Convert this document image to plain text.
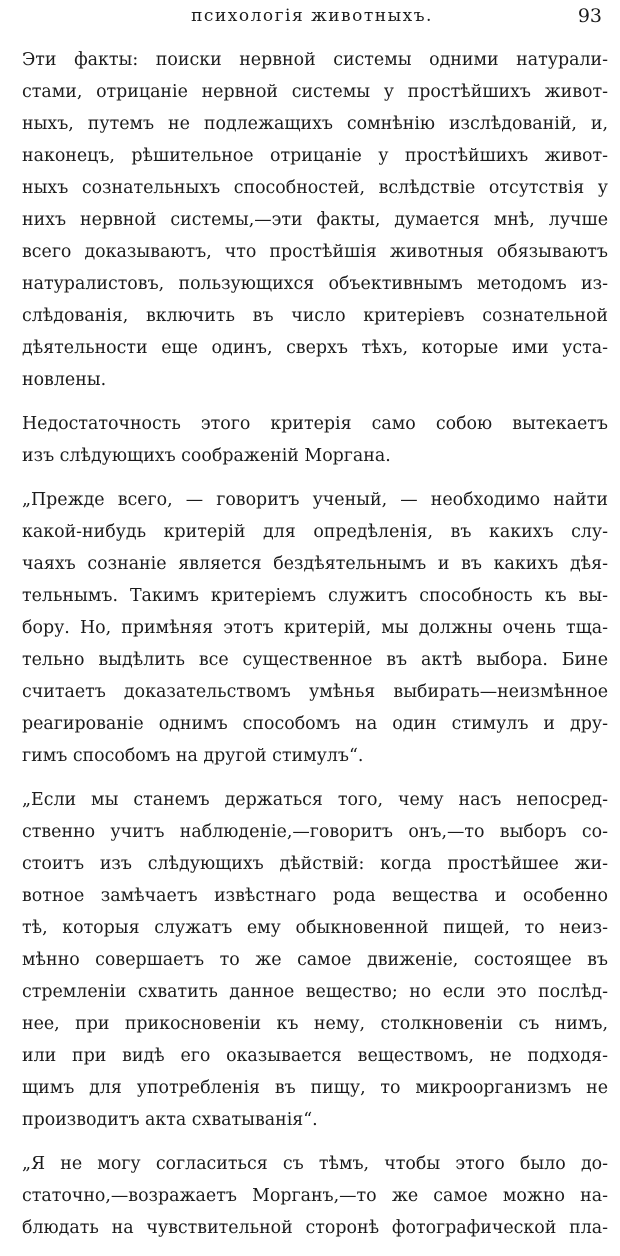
психологія животныхъ.	93

Эти факты: поиски нервной системы одними натурали-
стами, отрицаніе нервной системы у простѣйшихъ живот-
ныхъ, путемъ не подлежащихъ сомнѣнію изслѣдованій, и,
наконецъ, рѣшительное отрицаніе у простѣйшихъ живот-
ныхъ сознательныхъ способностей, вслѣдствіе отсутствія у
нихъ нервной системы,—эти факты, думается мнѣ, лучше
всего доказываютъ, что простѣйшія животныя обязываютъ
натуралистовъ, пользующихся объективнымъ методомъ из-
слѣдованія, включить въ число критеріевъ сознательной
дѣятельности еще одинъ, сверхъ тѣхъ, которые ими уста-
новлены.

Недостаточность этого критерія само собою вытекаетъ
изъ слѣдующихъ соображеній Моргана.

„Прежде всего, — говоритъ ученый, — необходимо найти
какой-нибудь критерій для опредѣленія, въ какихъ слу-
чаяхъ сознаніе является бездѣятельнымъ и въ какихъ дѣя-
тельнымъ. Такимъ критеріемъ служитъ способность къ вы-
бору. Но, примѣняя этотъ критерій, мы должны очень тща-
тельно выдѣлить все существенное въ актѣ выбора. Бине
считаетъ доказательствомъ умѣнья выбирать—неизмѣнное
реагированіе однимъ способомъ на один стимулъ и дру-
гимъ способомъ на другой стимулъ“.

„Если мы станемъ держаться того, чему насъ непосред-
ственно учитъ наблюденіе,—говоритъ онъ,—то выборъ со-
стоитъ изъ слѣдующихъ дѣйствій: когда простѣйшее жи-
вотное замѣчаетъ извѣстнаго рода вещества и особенно
тѣ, которыя служатъ ему обыкновенной пищей, то неиз-
мѣнно совершаетъ то же самое движеніе, состоящее въ
стремленіи схватить данное вещество; но если это послѣд-
нее, при прикосновеніи къ нему, столкновеніи съ нимъ,
или при видѣ его оказывается веществомъ, не подходя-
щимъ для употребленія въ пищу, то микроорганизмъ не
производитъ акта схватыванія“.

„Я не могу согласиться съ тѣмъ, чтобы этого было до-
статочно,—возражаетъ Морганъ,—то же самое можно на-
блюдать на чувствительной сторонѣ фотографической пла-
